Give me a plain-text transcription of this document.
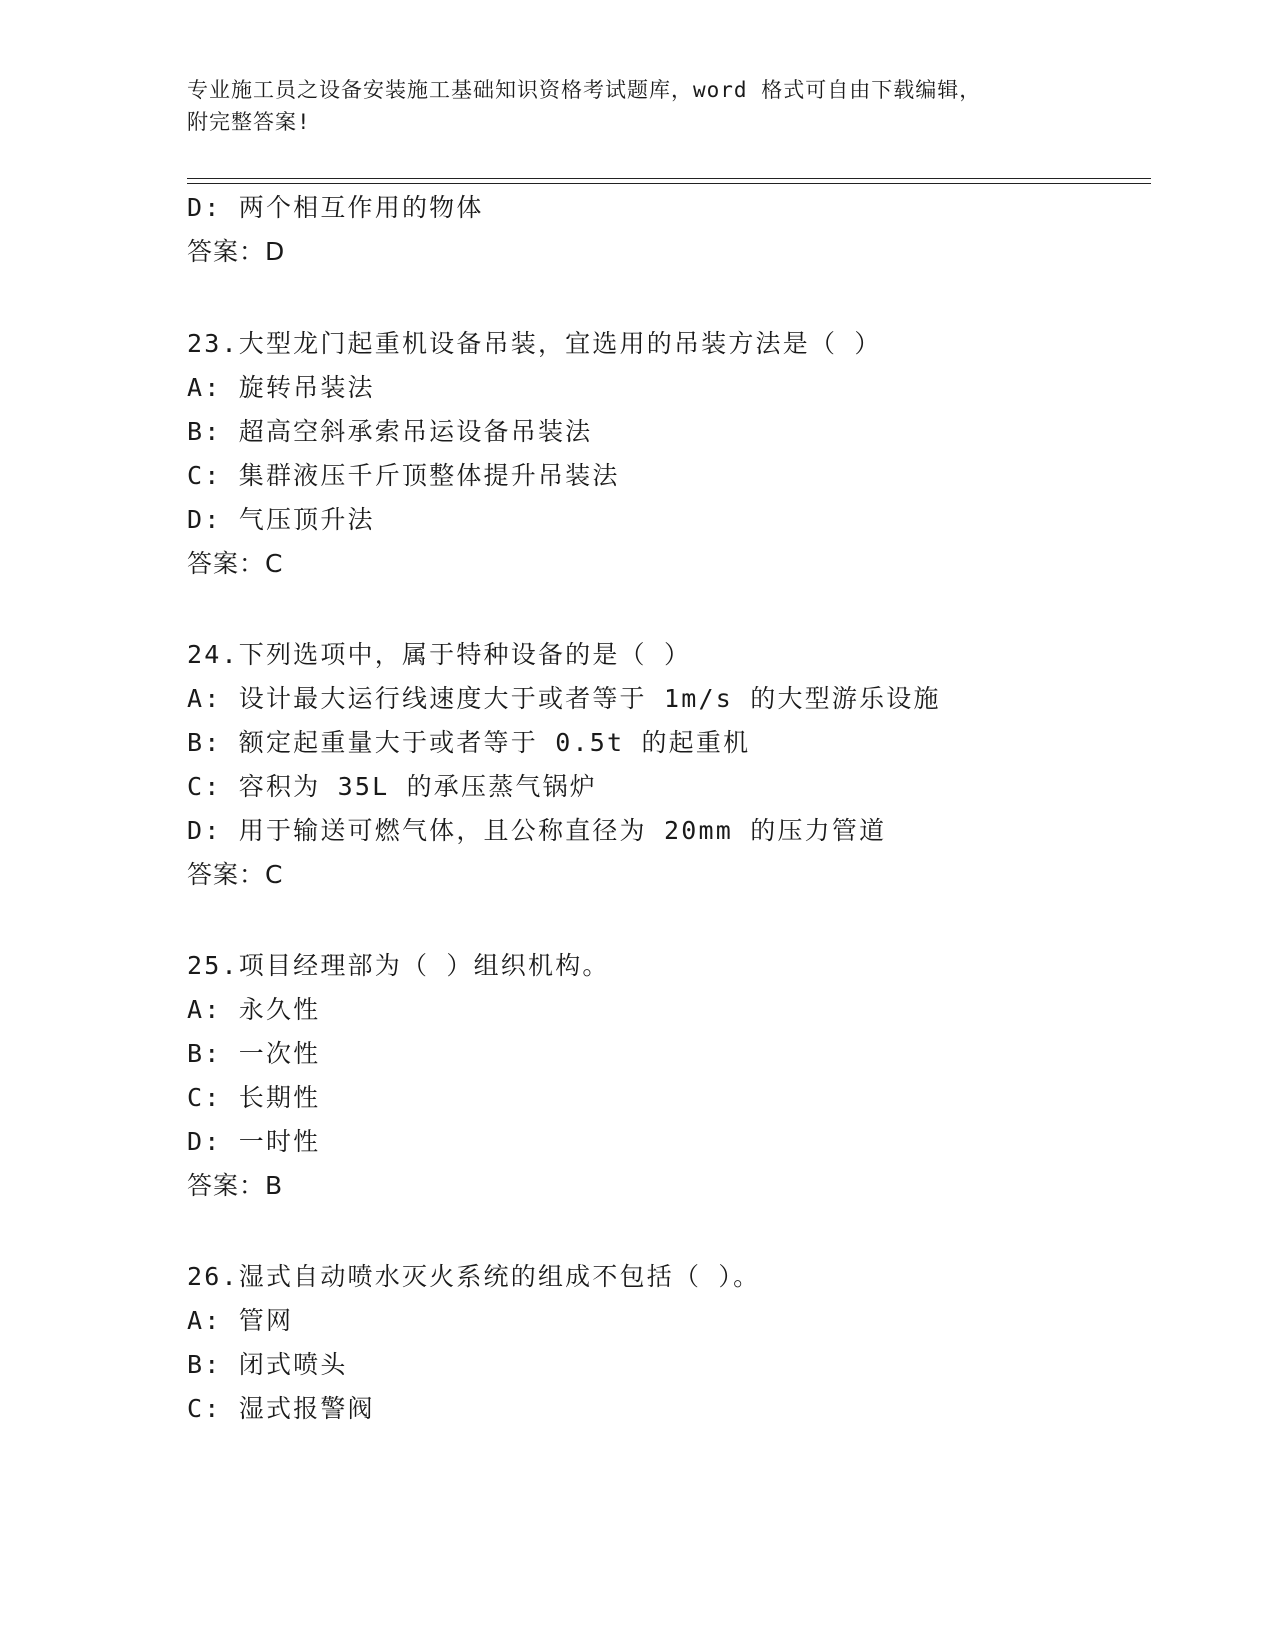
专业施工员之设备安装施工基础知识资格考试题库，word 格式可自由下载编辑，
附完整答案!
D: 两个相互作用的物体
答案：D
23.大型龙门起重机设备吊装，宜选用的吊装方法是（ ）
A: 旋转吊装法
B: 超高空斜承索吊运设备吊装法
C: 集群液压千斤顶整体提升吊装法
D: 气压顶升法
答案：C
24.下列选项中，属于特种设备的是（ ）
A: 设计最大运行线速度大于或者等于 1m/s 的大型游乐设施
B: 额定起重量大于或者等于 0.5t 的起重机
C: 容积为 35L 的承压蒸气锅炉
D: 用于输送可燃气体，且公称直径为 20mm 的压力管道
答案：C
25.项目经理部为（ ）组织机构。
A: 永久性
B: 一次性
C: 长期性
D: 一时性
答案：B
26.湿式自动喷水灭火系统的组成不包括（ ）。
A: 管网
B: 闭式喷头
C: 湿式报警阀
